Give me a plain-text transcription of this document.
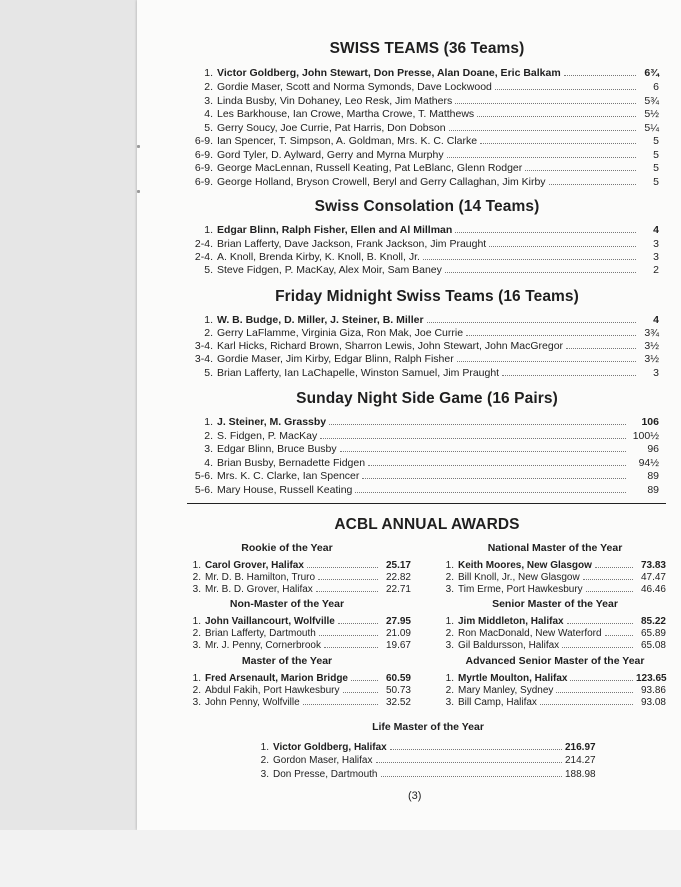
SWISS TEAMS (36 Teams)
1. Victor Goldberg, John Stewart, Don Presse, Alan Doane, Eric Balkam	6¾
2. Gordie Maser, Scott and Norma Symonds, Dave Lockwood	6
3. Linda Busby, Vin Dohaney, Leo Resk, Jim Mathers	5¾
4. Les Barkhouse, Ian Crowe, Martha Crowe, T. Matthews	5½
5. Gerry Soucy, Joe Currie, Pat Harris, Don Dobson	5¼
6-9. Ian Spencer, T. Simpson, A. Goldman, Mrs. K. C. Clarke	5
6-9. Gord Tyler, D. Aylward, Gerry and Myrna Murphy	5
6-9. George MacLennan, Russell Keating, Pat LeBlanc, Glenn Rodger	5
6-9. George Holland, Bryson Crowell, Beryl and Gerry Callaghan, Jim Kirby	5
Swiss Consolation (14 Teams)
1. Edgar Blinn, Ralph Fisher, Ellen and Al Millman	4
2-4. Brian Lafferty, Dave Jackson, Frank Jackson, Jim Praught	3
2-4. A. Knoll, Brenda Kirby, K. Knoll, B. Knoll, Jr.	3
5. Steve Fidgen, P. MacKay, Alex Moir, Sam Baney	2
Friday Midnight Swiss Teams (16 Teams)
1. W. B. Budge, D. Miller, J. Steiner, B. Miller	4
2. Gerry LaFlamme, Virginia Giza, Ron Mak, Joe Currie	3¾
3-4. Karl Hicks, Richard Brown, Sharron Lewis, John Stewart, John MacGregor	3½
3-4. Gordie Maser, Jim Kirby, Edgar Blinn, Ralph Fisher	3½
5. Brian Lafferty, Ian LaChapelle, Winston Samuel, Jim Praught	3
Sunday Night Side Game (16 Pairs)
1. J. Steiner, M. Grassby	106
2. S. Fidgen, P. MacKay	100½
3. Edgar Blinn, Bruce Busby	96
4. Brian Busby, Bernadette Fidgen	94½
5-6. Mrs. K. C. Clarke, Ian Spencer	89
5-6. Mary House, Russell Keating	89
ACBL ANNUAL AWARDS
Rookie of the Year
1. Carol Grover, Halifax	25.17
2. Mr. D. B. Hamilton, Truro	22.82
3. Mr. B. D. Grover, Halifax	22.71
Non-Master of the Year
1. John Vaillancourt, Wolfville	27.95
2. Brian Lafferty, Dartmouth	21.09
3. Mr. J. Penny, Cornerbrook	19.67
Master of the Year
1. Fred Arsenault, Marion Bridge	60.59
2. Abdul Fakih, Port Hawkesbury	50.73
3. John Penny, Wolfville	32.52
National Master of the Year
1. Keith Moores, New Glasgow	73.83
2. Bill Knoll, Jr., New Glasgow	47.47
3. Tim Erme, Port Hawkesbury	46.46
Senior Master of the Year
1. Jim Middleton, Halifax	85.22
2. Ron MacDonald, New Waterford	65.89
3. Gil Baldursson, Halifax	65.08
Advanced Senior Master of the Year
1. Myrtle Moulton, Halifax	123.65
2. Mary Manley, Sydney	93.86
3. Bill Camp, Halifax	93.08
Life Master of the Year
1. Victor Goldberg, Halifax	216.97
2. Gordon Maser, Halifax	214.27
3. Don Presse, Dartmouth	188.98
(3)
